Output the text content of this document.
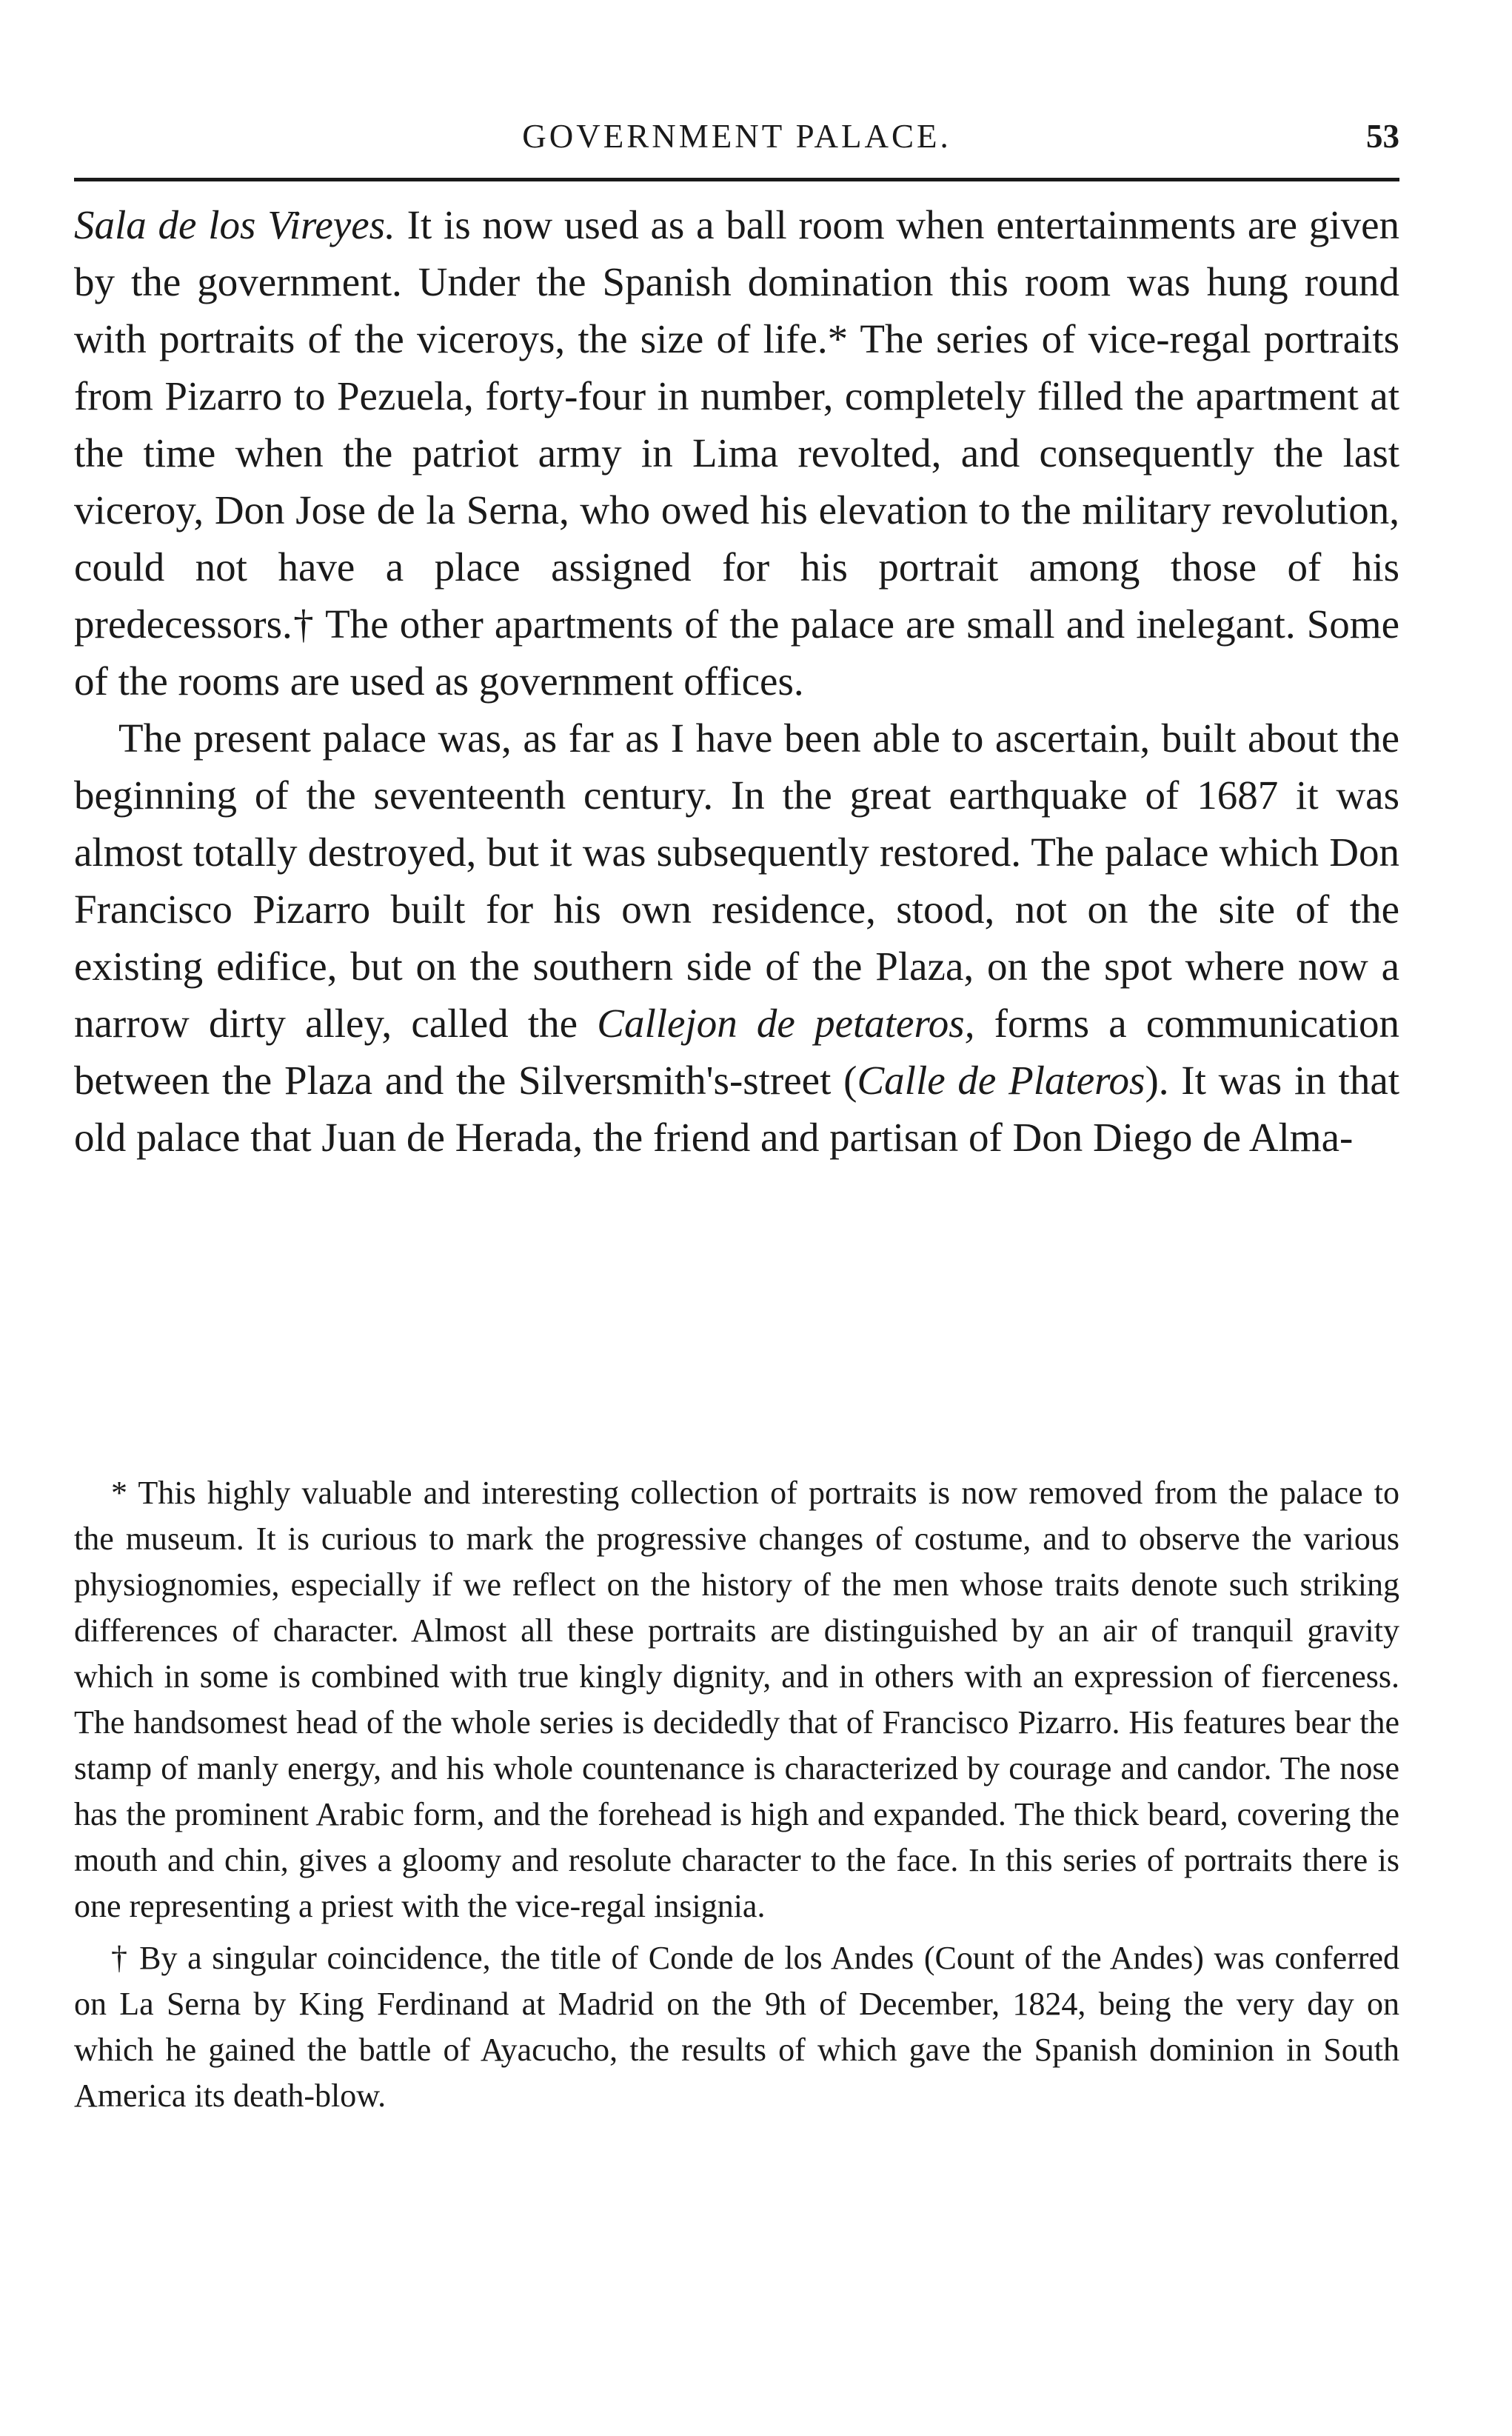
GOVERNMENT PALACE.	53

Sala de los Vireyes. It is now used as a ball room when entertainments are given by the government. Under the Spanish domination this room was hung round with portraits of the viceroys, the size of life.* The series of vice-regal portraits from Pizarro to Pezuela, forty-four in number, completely filled the apartment at the time when the patriot army in Lima revolted, and consequently the last viceroy, Don Jose de la Serna, who owed his elevation to the military revolution, could not have a place assigned for his portrait among those of his predecessors.† The other apartments of the palace are small and inelegant. Some of the rooms are used as government offices.

The present palace was, as far as I have been able to ascertain, built about the beginning of the seventeenth century. In the great earthquake of 1687 it was almost totally destroyed, but it was subsequently restored. The palace which Don Francisco Pizarro built for his own residence, stood, not on the site of the existing edifice, but on the southern side of the Plaza, on the spot where now a narrow dirty alley, called the Callejon de petateros, forms a communication between the Plaza and the Silversmith's-street (Calle de Plateros). It was in that old palace that Juan de Herada, the friend and partisan of Don Diego de Alma-

* This highly valuable and interesting collection of portraits is now removed from the palace to the museum. It is curious to mark the progressive changes of costume, and to observe the various physiognomies, especially if we reflect on the history of the men whose traits denote such striking differences of character. Almost all these portraits are distinguished by an air of tranquil gravity which in some is combined with true kingly dignity, and in others with an expression of fierceness. The handsomest head of the whole series is decidedly that of Francisco Pizarro. His features bear the stamp of manly energy, and his whole countenance is characterized by courage and candor. The nose has the prominent Arabic form, and the forehead is high and expanded. The thick beard, covering the mouth and chin, gives a gloomy and resolute character to the face. In this series of portraits there is one representing a priest with the vice-regal insignia.

† By a singular coincidence, the title of Conde de los Andes (Count of the Andes) was conferred on La Serna by King Ferdinand at Madrid on the 9th of December, 1824, being the very day on which he gained the battle of Ayacucho, the results of which gave the Spanish dominion in South America its death-blow.
